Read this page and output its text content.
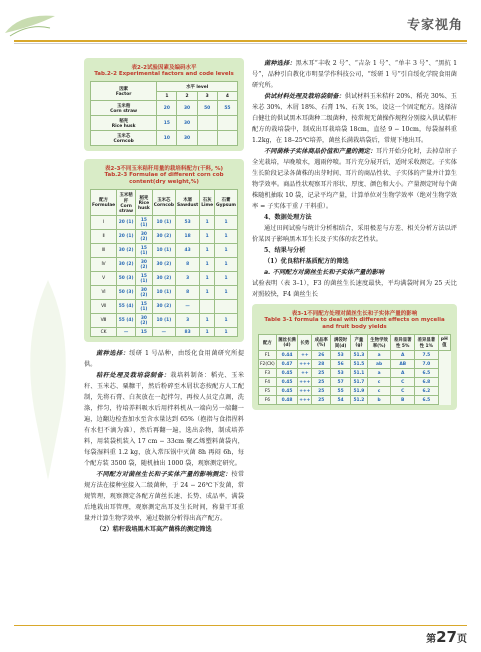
专家视角
表2-2试验因素及编码水平
Tab.2-2 Experimental factors and code levels
因素
Factor	水平 level			
	1	2	3	4
玉米秸
Corn straw	20	30	50	55
稻壳
Rice husk	15	30		
玉米芯
Corncob	10	30		
表2-3不同玉米秸秆用量的栽培料配方(干料, %)
Tab.2-3 Formulae of different corn cob content(dry weight,%)
配方
Formulae	玉米秸秆
Corn straw	稻壳
Rice husk	玉米芯
Corncob	木屑
Sawdust	石灰
Lime	石膏
Gypsum
Ⅰ	20 (1)	15 (1)	10 (1)	53	1	1
Ⅱ	20 (1)	30 (2)	30 (2)	18	1	1
Ⅲ	30 (2)	15 (1)	10 (1)	43	1	1
Ⅳ	30 (2)	30 (2)	30 (2)	8	1	1
Ⅴ	50 (3)	15 (1)	30 (2)	3	1	1
Ⅵ	50 (3)	30 (2)	10 (1)	8	1	1
Ⅶ	55 (4)	15 (1)	30 (2)	—		
Ⅷ	55 (4)	30 (2)	10 (1)	3	1	1
CK	—	15	—	83	1	1

菌种选择：绥研 1 号品种，由绥化食用菌研究所提供。

秸秆处理及栽培袋制备：栽培料制备：稻壳、玉米秆、玉米芯、粟糠干，然后粉碎至木屑状态按配方人工配制，先将石膏、白灰放在一起拌匀，再按人员定点调，洗涤，拌匀，待培养料吸水后用拌料机从一端向另一端翻一遍，边翻边检查加水至含水量达到 65%（抱指与食指捏料有水但不滴为准），然后再翻一遍，选出杂物，制成培养料，用装袋机装入 17 cm − 33cm 聚乙烯塑料菌袋内，每袋湿料重 1.2 kg，放入常压锅中灭菌 8h 再闷 6h，每个配方装 3500 袋，随机抽出 1000 袋，观察测定研究。

不同配方对菌丝生长和子实体产量的影响测定：按常规方法在接种室接入二级菌种，于 24 − 26℃下发菌，常规管理，观察测定各配方菌丝长速、长势、成品率，满袋后地栽出耳管理，观察测定出耳及生长时间，称量干耳重量并计算生物学效率，通过数据分析得出高产配方。

（2）秸秆栽培黑木耳高产菌株的测定筛选

菌种选择：黑木耳“丰收 2 号”、“吉杂 1 号”、“单丰 3 号”、“黑抗 1 号”，品种引自教化市明显学作科技公司，“绥研 1 号”引自绥化学院食用菌研究所。

供试材料处理及栽培袋制备：供试材料玉米秸秆 20%、稻壳 30%、玉米芯 30%、木屑 18%、石膏 1%、石灰 1%，设这一个固定配方。选择洁白健壮的供试黑木耳菌种二级菌种，按常规无菌操作规程分别接入供试秸秆配方的栽培袋中，制成出耳栽培袋 18cm，直径 9 − 10cm，每袋湿料重 1.2kg，在 18–25℃培养，菌丝长满栽培袋后，常规下地出耳。

不同菌株子实体商品价值和产量的测定：耳片开始分化时，去掉草帘子全光栽培，早晚喷水，遇雨停喷。耳片充分展开后，适时采收测定。子实体生长阶段记录各菌株的出芽时间、耳片的商品性状、子实体的产量并计算生物学效率。商品性状观察耳片形状、厚度、颜色和大小。产量测定时每个菌株随机抽取 10 袋，记录平均产量，计算单位对生物学效率（绝对生物学效率 = 子实体干重 / 干料重）。

4、数据处理方法

通过田间试验与统计分析相结合，采用极差与方差、相关分析方法以评价某因子影响黑木耳生长及子实体的农艺性状。

5、结果与分析

（1）优良秸秆基质配方的筛选

a. 不同配方对菌丝生长和子实体产量的影响
试验表明（表 3–1），F3 的菌丝生长速度最快，平均满袋时间为 25 天比对照较快，F4 菌丝生长

表3-1不同配方处理对菌丝生长和子实体产量的影响
Table 3-1 formula to deal with different effects on mycelia and fruit body yields
配方	菌丝长满(d)	长势	成品率(%)	满袋时间(d)	产量(g)	生物学效率(%)	差异显著性 5%	差异显著性 1%	pH值
F1	0.44	++	26	53	51.3	a	A	7.5	
F2(CK)	0.47	+++	28	56	51.5	ab	AB	7.0	
F3	0.45	++	25	53	51.1	a	A	6.5	
F4	0.45	+++	25	57	51.7	c	C	6.8	
F5	0.45	+++	25	55	51.9	c	C	6.2	
F6	0.48	+++	25	54	51.2	b	B	6.5	
第27页
